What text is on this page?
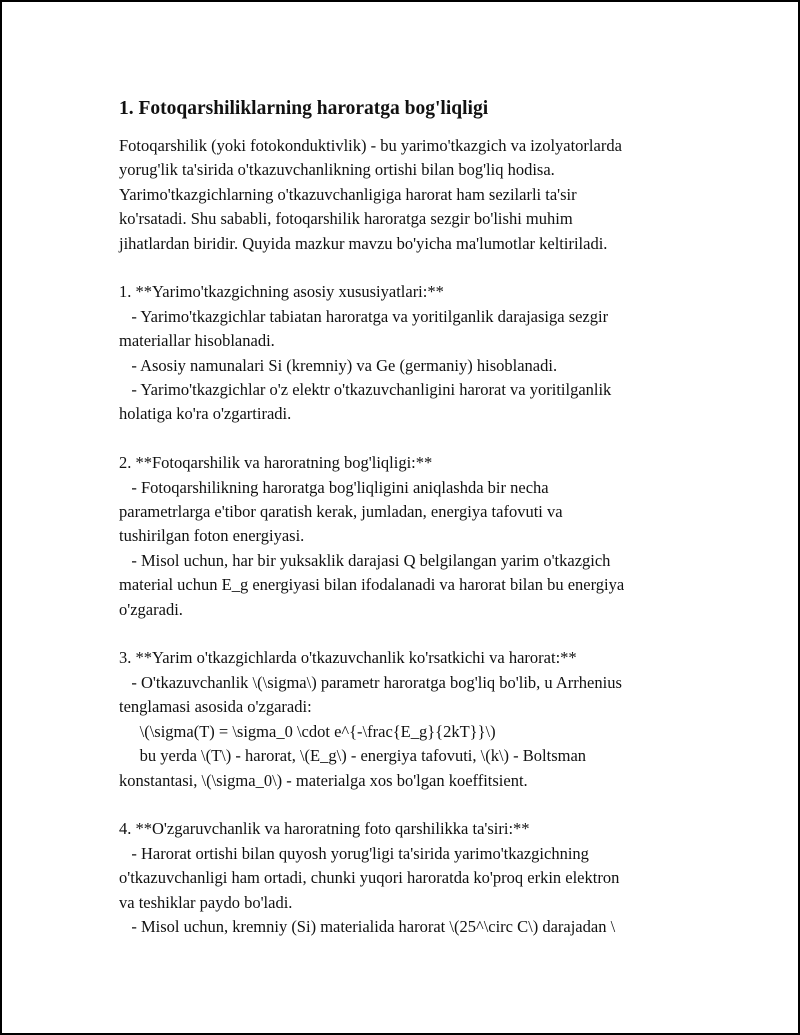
1. Fotoqarshiliklarning haroratga bog'liqligi
Fotoqarshilik (yoki fotokonduktivlik) - bu yarimo'tkazgich va izolyatorlarda
yorug'lik ta'sirida o'tkazuvchanlikning ortishi bilan bog'liq hodisa.
Yarimo'tkazgichlarning o'tkazuvchanligiga harorat ham sezilarli ta'sir
ko'rsatadi. Shu sababli, fotoqarshilik haroratga sezgir bo'lishi muhim
jihatlardan biridir. Quyida mazkur mavzu bo'yicha ma'lumotlar keltiriladi.
1. **Yarimo'tkazgichning asosiy xususiyatlari:**
- Yarimo'tkazgichlar tabiatan haroratga va yoritilganlik darajasiga sezgir
materiallar hisoblanadi.
- Asosiy namunalari Si (kremniy) va Ge (germaniy) hisoblanadi.
- Yarimo'tkazgichlar o'z elektr o'tkazuvchanligini harorat va yoritilganlik
holatiga ko'ra o'zgartiradi.
2. **Fotoqarshilik va haroratning bog'liqligi:**
- Fotoqarshilikning haroratga bog'liqligini aniqlashda bir necha
parametrlarga e'tibor qaratish kerak, jumladan, energiya tafovuti va
tushirilgan foton energiyasi.
- Misol uchun, har bir yuksaklik darajasi Q belgilangan yarim o'tkazgich
material uchun E_g energiyasi bilan ifodalanadi va harorat bilan bu energiya
o'zgaradi.
3. **Yarim o'tkazgichlarda o'tkazuvchanlik ko'rsatkichi va harorat:**
- O'tkazuvchanlik \(\sigma\) parametr haroratga bog'liq bo'lib, u Arrhenius
tenglamasi asosida o'zgaradi:
\(\sigma(T) = \sigma_0 \cdot e^{-\frac{E_g}{2kT}}\)
bu yerda \(T\) - harorat, \(E_g\) - energiya tafovuti, \(k\) - Boltsman
konstantasi, \(\sigma_0\) - materialga xos bo'lgan koeffitsient.
4. **O'zgaruvchanlik va haroratning foto qarshilikka ta'siri:**
- Harorat ortishi bilan quyosh yorug'ligi ta'sirida yarimo'tkazgichning
o'tkazuvchanligi ham ortadi, chunki yuqori haroratda ko'proq erkin elektron
va teshiklar paydo bo'ladi.
- Misol uchun, kremniy (Si) materialida harorat \(25^\circ C\) darajadan \
